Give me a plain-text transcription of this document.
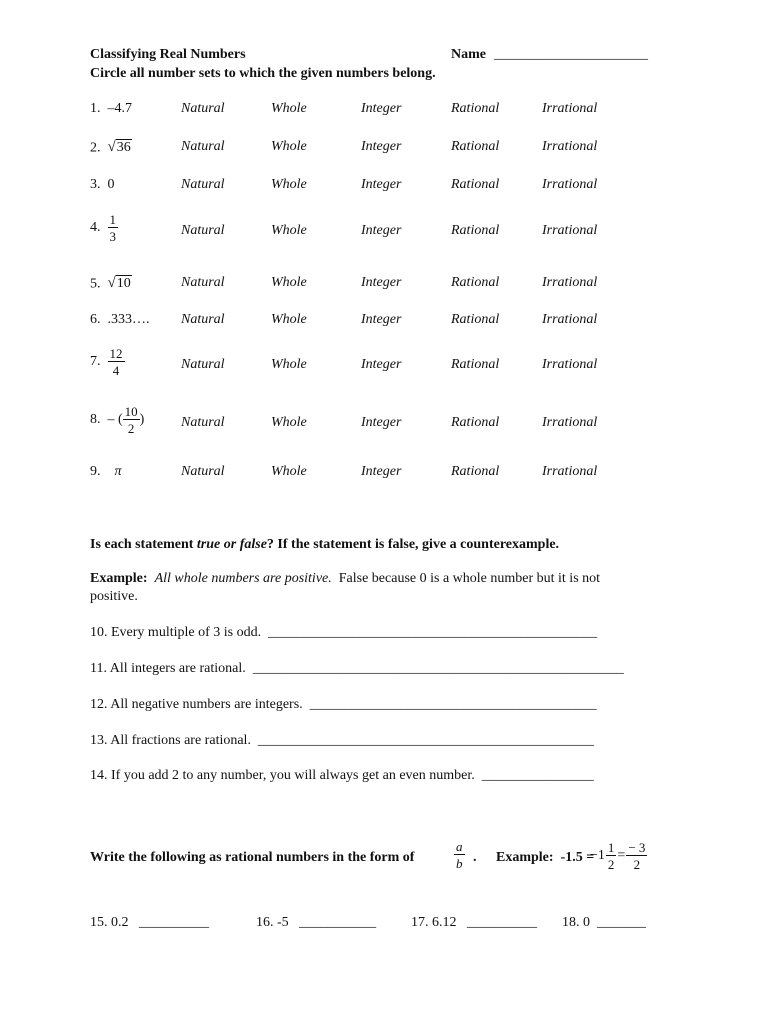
Classifying Real Numbers	Name ______________________
Circle all number sets to which the given numbers belong.
1. –4.7	Natural	Whole	Integer	Rational	Irrational
2. √ 36	Natural	Whole	Integer	Rational	Irrational
3. 0	Natural	Whole	Integer	Rational	Irrational
4. $\frac{1}{3}$	Natural	Whole	Integer	Rational	Irrational
5. √ 10	Natural	Whole	Integer	Rational	Irrational
6. .333…. Natural	Whole	Integer	Rational	Irrational
7. $\frac{12}{4}$	Natural	Whole	Integer	Rational	Irrational
8. – ( $\frac{10}{2}$ )	Natural	Whole	Integer	Rational	Irrational
9. π	Natural	Whole	Integer	Rational	Irrational
Is each statement true or false? If the statement is false, give a counterexample.
Example: All whole numbers are positive. False because 0 is a whole number but it is not
positive.
10. Every multiple of 3 is odd. _______________________________________________
11. All integers are rational. _____________________________________________________
12. All negative numbers are integers. _________________________________________
13. All fractions are rational. ________________________________________________
14. If you add 2 to any number, you will always get an even number. ________________
Write the following as rational numbers in the form of	$\frac{a}{b}$ . Example: -1.5 =
$-1 \frac{1}{2} = \frac{- 3}{2}$
15. 0.2 __________	16. -5 ___________ 17. 6.12 __________ 18. 0 _______
